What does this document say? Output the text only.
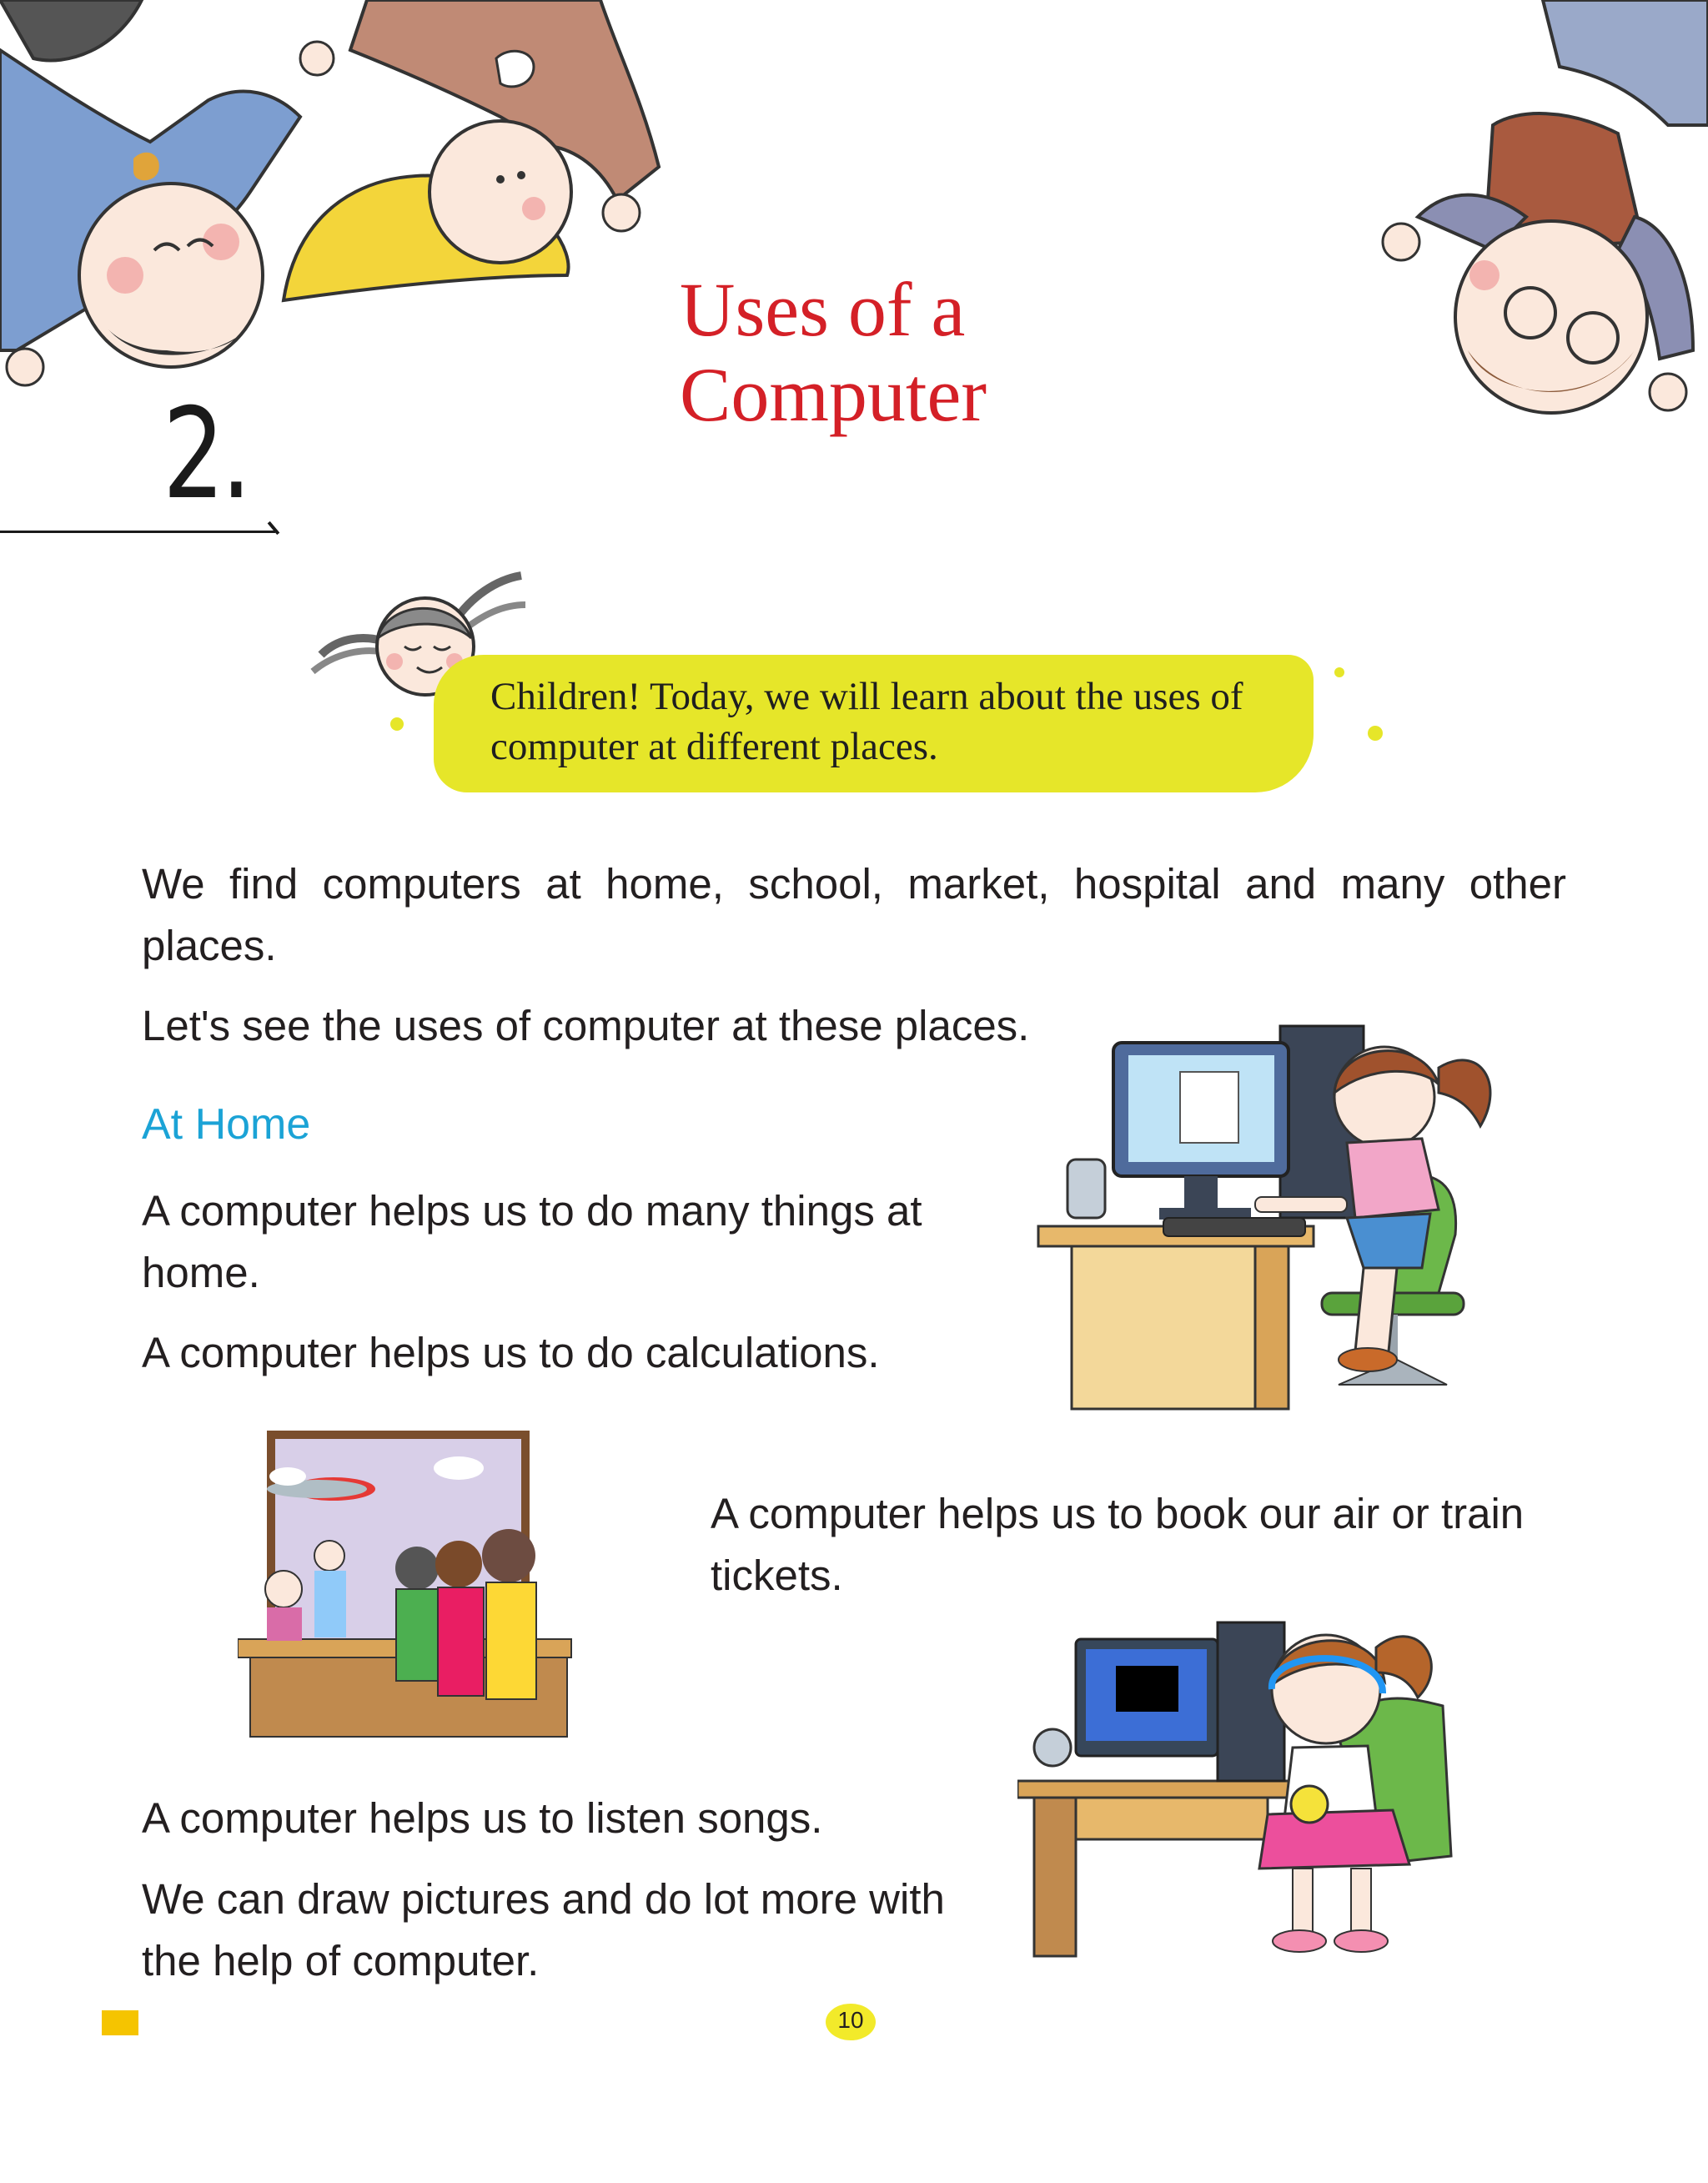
2.
Uses of a
Computer
Children! Today, we will learn about the uses of
computer at different places.
We find computers at home, school, market, hospital and many other places.
Let's see the uses of computer at these places.
At Home
A computer helps us to do many things at home.
A computer helps us to do calculations.
A computer helps us to book our air or train tickets.
A computer helps us to listen songs.
We can draw pictures and do lot more with the help of computer.
10
